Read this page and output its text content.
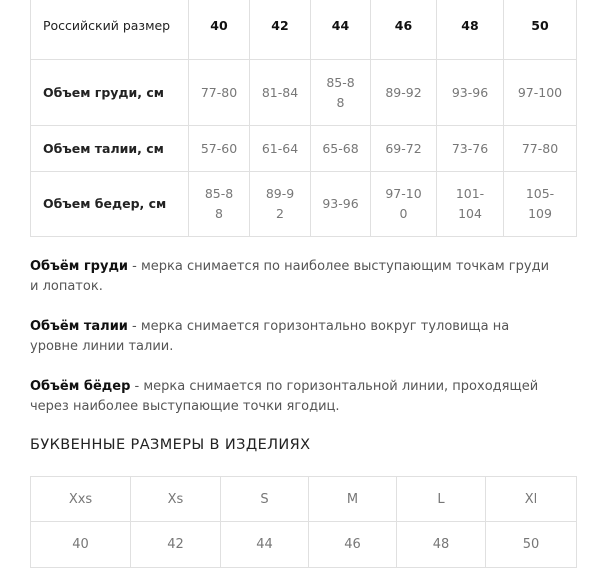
Российский размер	40	42	44	46	48	50
Объем груди, см	77-80	81-84	85-88	89-92	93-96	97-100
Объем талии, см	57-60	61-64	65-68	69-72	73-76	77-80
Объем бедер, см	85-88	89-92	93-96	97-100	101-104	105-109
Объём груди - мерка снимается по наиболее выступающим точкам груди и лопаток.
Объём талии - мерка снимается горизонтально вокруг туловища на уровне линии талии.
Объём бёдер - мерка снимается по горизонтальной линии, проходящей через наиболее выступающие точки ягодиц.
БУКВЕННЫЕ РАЗМЕРЫ В ИЗДЕЛИЯХ
Xxs	Xs	S	M	L	Xl
40	42	44	46	48	50
